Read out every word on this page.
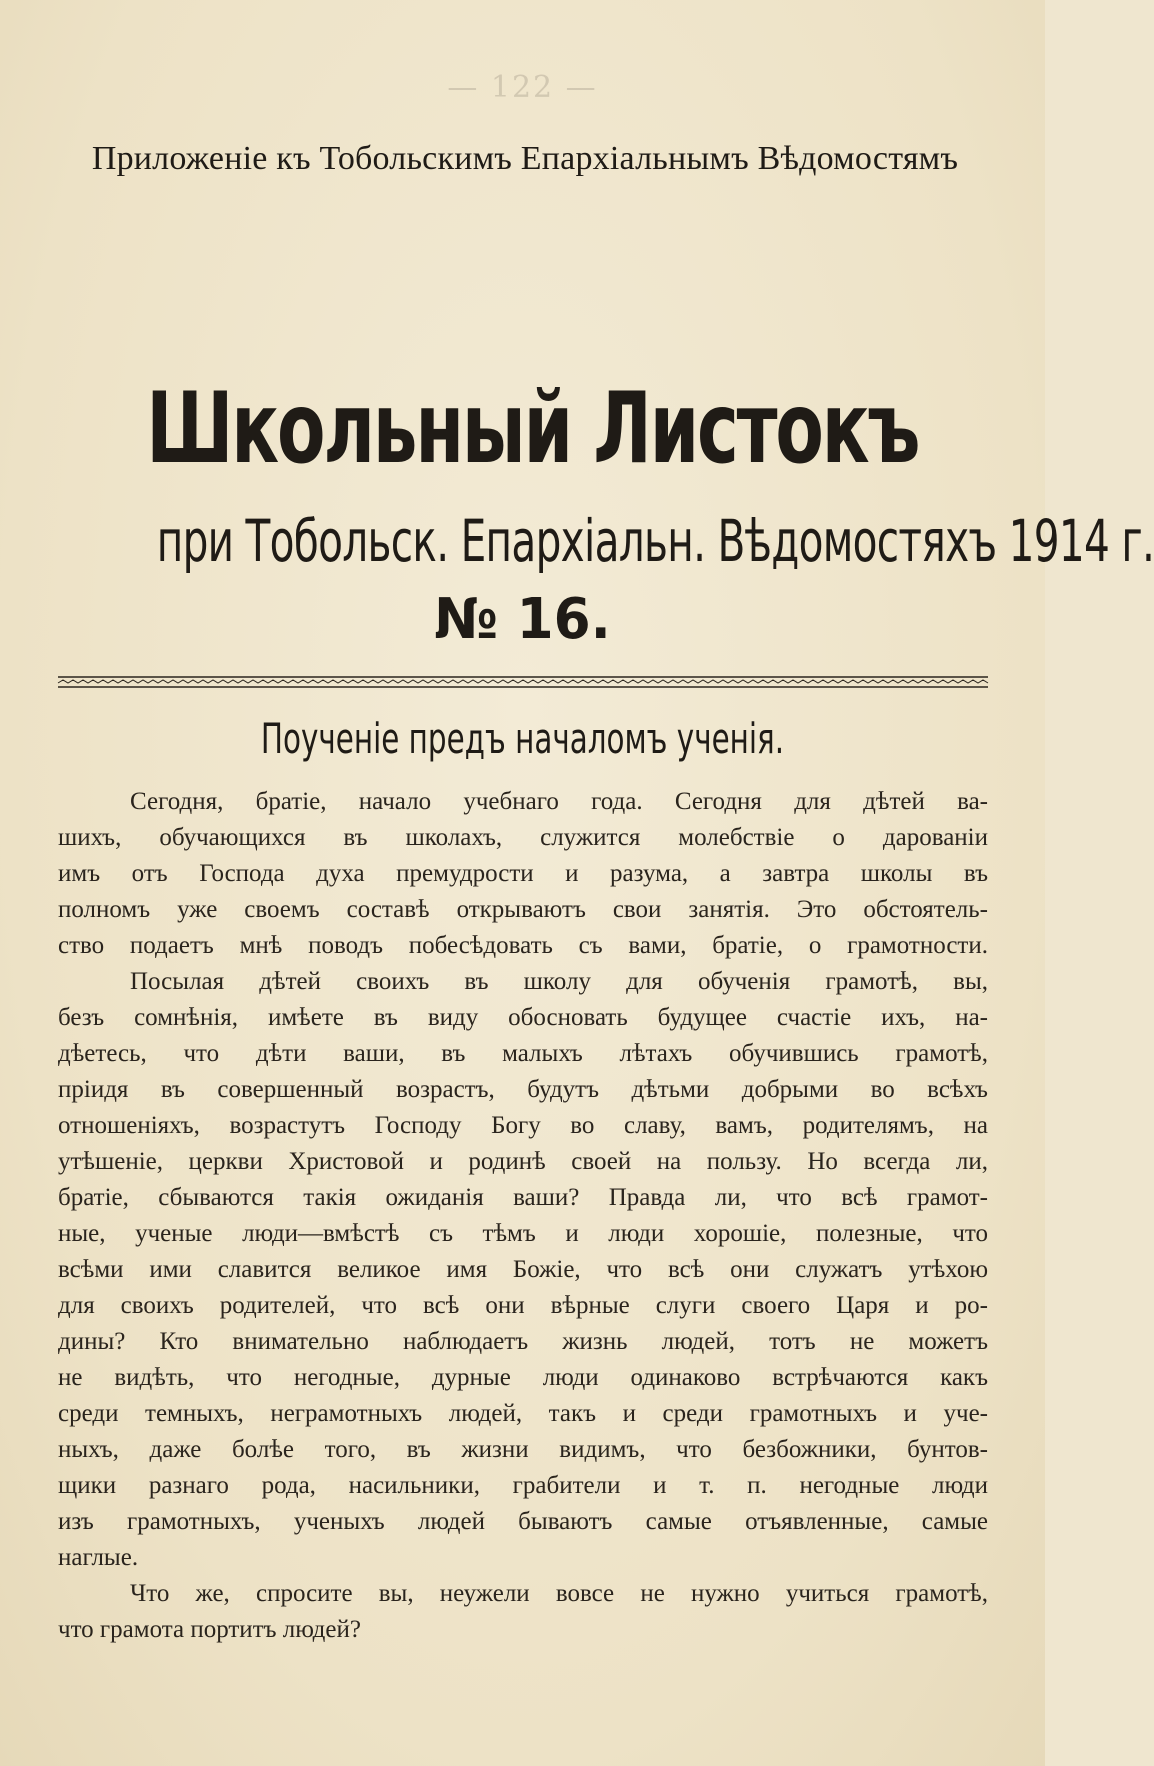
— 122 —
Приложеніе къ Тобольскимъ Епархіальнымъ Вѣдомостямъ
Школьный Листокъ
при Тобольск. Епархіальн. Вѣдомостяхъ 1914 г.
№ 16.
Поученіе предъ началомъ ученія.
Сегодня, братіе, начало учебнаго года. Сегодня для дѣтей ва-
шихъ, обучающихся въ школахъ, служится молебствіе о дарованіи
имъ отъ Господа духа премудрости и разума, а завтра школы въ
полномъ уже своемъ составѣ открываютъ свои занятія. Это обстоятель-
ство подаетъ мнѣ поводъ побесѣдовать съ вами, братіе, о грамотности.
Посылая дѣтей своихъ въ школу для обученія грамотѣ, вы,
безъ сомнѣнія, имѣете въ виду обосновать будущее счастіе ихъ, на-
дѣетесь, что дѣти ваши, въ малыхъ лѣтахъ обучившись грамотѣ,
пріидя въ совершенный возрастъ, будутъ дѣтьми добрыми во всѣхъ
отношеніяхъ, возрастутъ Господу Богу во славу, вамъ, родителямъ, на
утѣшеніе, церкви Христовой и родинѣ своей на пользу. Но всегда ли,
братіе, сбываются такія ожиданія ваши? Правда ли, что всѣ грамот-
ные, ученые люди—вмѣстѣ съ тѣмъ и люди хорошіе, полезные, что
всѣми ими славится великое имя Божіе, что всѣ они служатъ утѣхою
для своихъ родителей, что всѣ они вѣрные слуги своего Царя и ро-
дины? Кто внимательно наблюдаетъ жизнь людей, тотъ не можетъ
не видѣть, что негодные, дурные люди одинаково встрѣчаются какъ
среди темныхъ, неграмотныхъ людей, такъ и среди грамотныхъ и уче-
ныхъ, даже болѣе того, въ жизни видимъ, что безбожники, бунтов-
щики разнаго рода, насильники, грабители и т. п. негодные люди
изъ грамотныхъ, ученыхъ людей бываютъ самые отъявленные, самые
наглые.
Что же, спросите вы, неужели вовсе не нужно учиться грамотѣ,
что грамота портитъ людей?
